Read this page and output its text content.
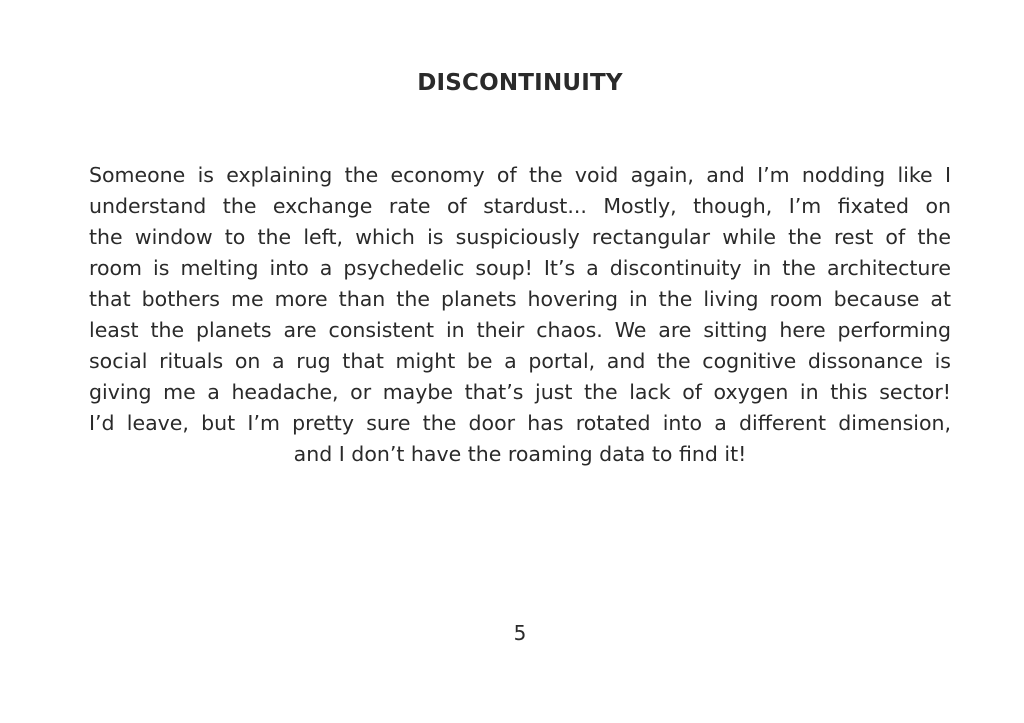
DISCONTINUITY
Someone is explaining the economy of the void again, and I’m nodding like I
understand the exchange rate of stardust... Mostly, though, I’m fixated on
the window to the left, which is suspiciously rectangular while the rest of the
room is melting into a psychedelic soup! It’s a discontinuity in the architecture
that bothers me more than the planets hovering in the living room because at
least the planets are consistent in their chaos. We are sitting here performing
social rituals on a rug that might be a portal, and the cognitive dissonance is
giving me a headache, or maybe that’s just the lack of oxygen in this sector!
I’d leave, but I’m pretty sure the door has rotated into a different dimension,
and I don’t have the roaming data to find it!
5
